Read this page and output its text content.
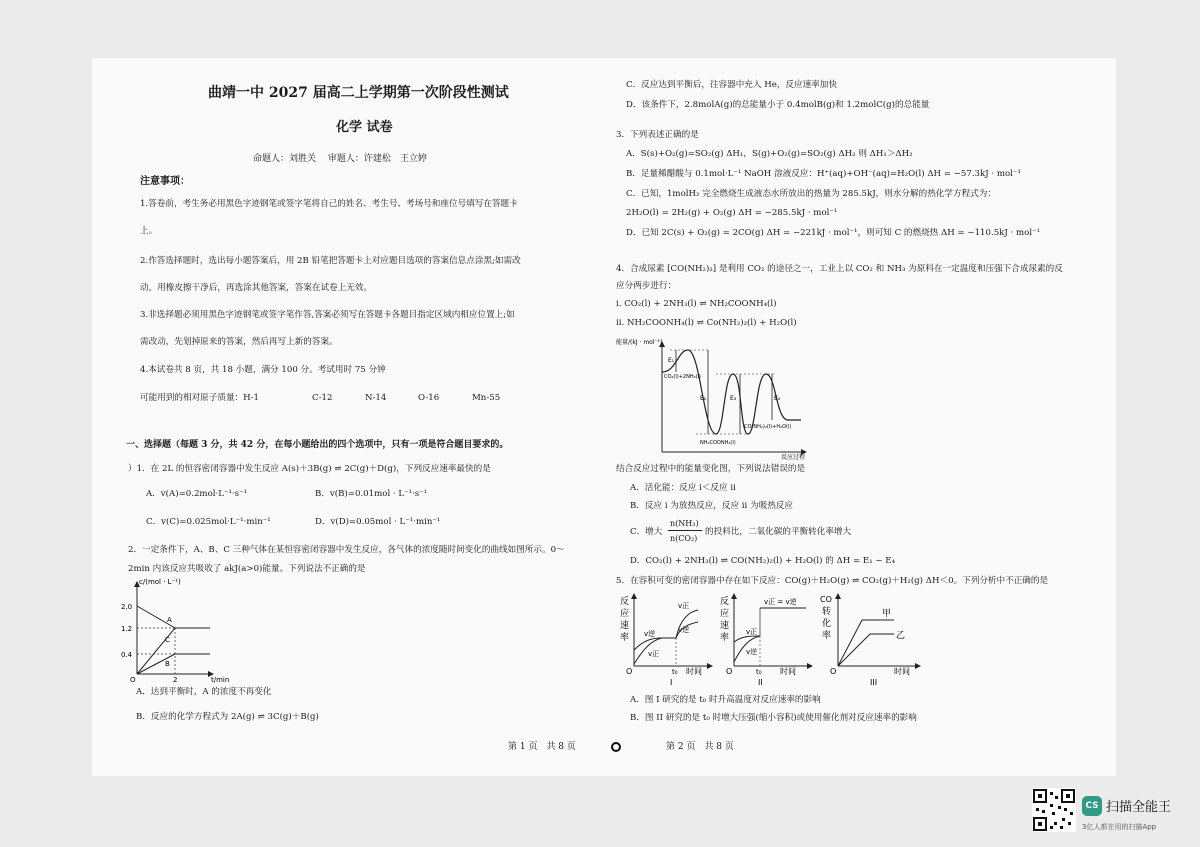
曲靖一中 2027 届高二上学期第一次阶段性测试
化学 试卷
命题人：刘胜关　 审题人：许建松　王立婷
注意事项：
1.答卷前，考生务必用黑色字迹钢笔或签字笔将自己的姓名、考生号、考场号和座位号填写在答题卡
上。
2.作答选择题时，选出每小题答案后，用 2B 铅笔把答题卡上对应题目选项的答案信息点涂黑;如需改
动，用橡皮擦干净后，再选涂其他答案，答案在试卷上无效。
3.非选择题必须用黑色字迹钢笔或签字笔作答,答案必须写在答题卡各题目指定区域内相应位置上;如
需改动，先划掉原来的答案，然后再写上新的答案。
4.本试卷共 8 页，共 18 小题，满分 100 分。考试用时 75 分钟
可能用到的相对原子质量：H-1	C-12	N-14	O-16	Mn-55
一、选择题（每题 3 分，共 42 分，在每小题给出的四个选项中，只有一项是符合题目要求的。
）1．在 2L 的恒容密闭容器中发生反应 A(s)＋3B(g) ⇌ 2C(g)＋D(g)，下列反应速率最快的是
A．v(A)=0.2mol·L⁻¹·s⁻¹	B．v(B)=0.01mol · L⁻¹·s⁻¹
C．v(C)=0.025mol·L⁻¹·min⁻¹	D．v(D)=0.05mol · L⁻¹·min⁻¹
2．一定条件下，A、B、C 三种气体在某恒容密闭容器中发生反应，各气体的浓度随时间变化的曲线如图所示。0～
2min 内该反应共吸收了 akJ(a>0)能量。下列说法不正确的是
c/(mol · L⁻¹)
2.0
1.2
0.4
O	2	t/min
A
C
B
A．达到平衡时，A 的浓度不再变化
B．反应的化学方程式为 2A(g) ⇌ 3C(g)＋B(g)
第 1 页　共 8 页	第 2 页　共 8 页
C．反应达到平衡后，往容器中充入 He，反应速率加快
D．该条件下，2.8molA(g)的总能量小于 0.4molB(g)和 1.2molC(g)的总能量
3．下列表述正确的是
A．S(s)+O₂(g)=SO₂(g) ΔH₁，S(g)+O₂(g)=SO₂(g) ΔH₂ 则 ΔH₁＞ΔH₂
B．足量稀醋酸与 0.1mol·L⁻¹ NaOH 溶液反应：H⁺(aq)+OH⁻(aq)=H₂O(l) ΔH = −57.3kJ · mol⁻¹
C．已知，1molH₂ 完全燃烧生成液态水所放出的热量为 285.5kJ，则水分解的热化学方程式为：
2H₂O(l) = 2H₂(g) + O₂(g) ΔH = −285.5kJ · mol⁻¹
D．已知 2C(s) + O₂(g) = 2CO(g) ΔH = −221kJ · mol⁻¹，则可知 C 的燃烧热 ΔH = −110.5kJ · mol⁻¹
4．合成尿素 [CO(NH₂)₂] 是利用 CO₂ 的途径之一，工业上以 CO₂ 和 NH₃ 为原料在一定温度和压强下合成尿素的反
应分两步进行：
i. CO₂(l) + 2NH₃(l) ⇌ NH₂COONH₄(l)
ii. NH₂COONH₄(l) ⇌ Co(NH₂)₂(l) + H₂O(l)
能量/(kJ · mol⁻¹)
E₁
CO₂(l)+2NH₃(l)
E₂	E₃	E₄
CO(NH₂)₂(l)+H₂O(l)
NH₂COONH₄(l)
反应过程
结合反应过程中的能量变化图，下列说法错误的是
A．活化能：反应 i＜反应 ii
B．反应 i 为放热反应，反应 ii 为吸热反应
C．增大
n(NH₃)
n(CO₂)
的投料比，二氧化碳的平衡转化率增大
D．CO₂(l) + 2NH₃(l) ⇌ CO(NH₂)₂(l) + H₂O(l) 的 ΔH = E₁ − E₄
5．在容积可变的密闭容器中存在如下反应：CO(g)＋H₂O(g) ⇌ CO₂(g)＋H₂(g) ΔH＜0。下列分析中不正确的是
反
应
速
率
v正
v逆
v逆
v正
O	t₀ 时间
I
反
应
速
率
v正 = v逆
v正
v逆
O	t₀ 时间
II
CO
转
化
率
甲
乙
O	时间
III
A．图 I 研究的是 t₀ 时升高温度对反应速率的影响
B．图 II 研究的是 t₀ 时增大压强(缩小容积)或使用催化剂对反应速率的影响
CS 扫描全能王
3亿人都在用的扫描App
